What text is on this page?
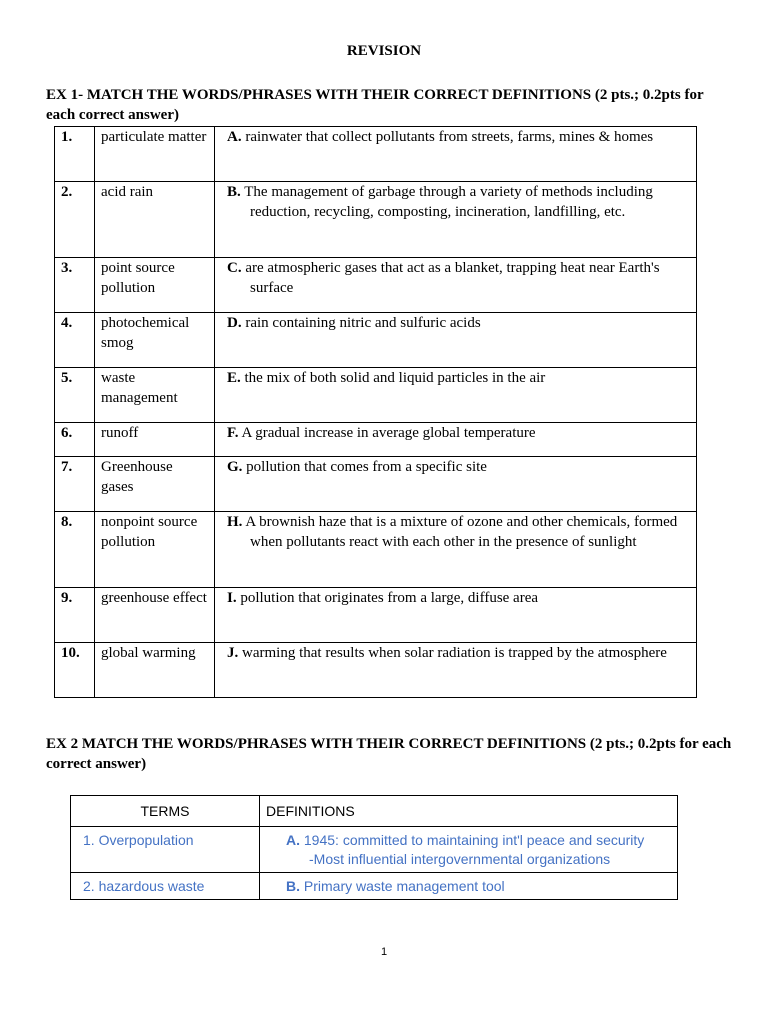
REVISION
EX 1- MATCH THE WORDS/PHRASES WITH THEIR CORRECT DEFINITIONS (2 pts.; 0.2pts for each correct answer)
1.	particulate matter	A. rainwater that collect pollutants from streets, farms, mines & homes

2.	acid rain	B. The management of garbage through a variety of methods including reduction, recycling, composting, incineration, landfilling, etc.

3.	point source pollution	C. are atmospheric gases that act as a blanket, trapping heat near Earth's surface

4.	photochemical smog	D. rain containing nitric and sulfuric acids

5.	waste management	E. the mix of both solid and liquid particles in the air

6.	runoff	F. A gradual increase in average global temperature

7.	Greenhouse gases	G. pollution that comes from a specific site

8.	nonpoint source pollution	H. A brownish haze that is a mixture of ozone and other chemicals, formed when pollutants react with each other in the presence of sunlight

9.	greenhouse effect	I. pollution that originates from a large, diffuse area

10.	global warming	J. warming that results when solar radiation is trapped by the atmosphere
EX 2 MATCH THE WORDS/PHRASES WITH THEIR CORRECT DEFINITIONS (2 pts.; 0.2pts for each correct answer)
TERMS	DEFINITIONS
1. Overpopulation	A. 1945: committed to maintaining int'l peace and security
-Most influential intergovernmental organizations

2. hazardous waste	B. Primary waste management tool
1
